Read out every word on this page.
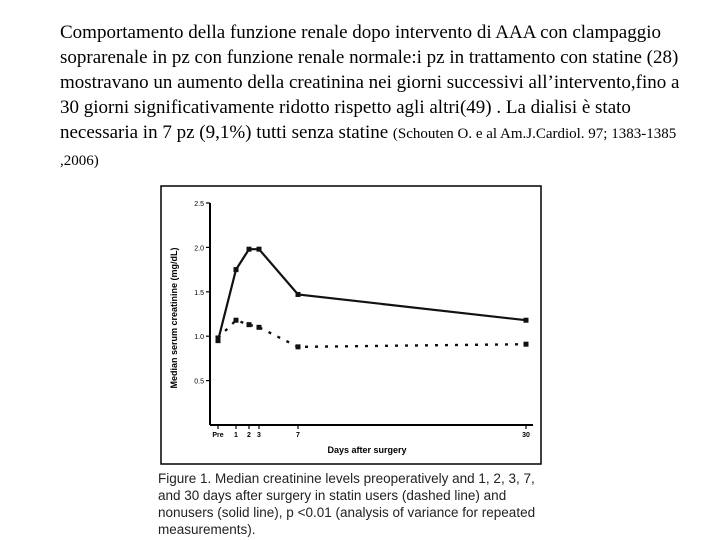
Comportamento della funzione renale dopo intervento di AAA con clampaggio soprarenale in pz con funzione renale normale:i pz in trattamento con statine (28) mostravano un aumento della creatinina nei giorni successivi all’intervento,fino a 30 giorni significativamente ridotto rispetto agli altri(49) . La dialisi è stato necessaria in 7 pz (9,1%) tutti senza statine (Schouten O. e al Am.J.Cardiol. 97; 1383-1385 ,2006)
0.5
1.0
1.5
2.0
2.5
Pre 1 2 3	7	30
Median serum creatinine (mg/dL)
Days after surgery
Figure 1. Median creatinine levels preoperatively and 1, 2, 3, 7, and 30 days after surgery in statin users (dashed line) and nonusers (solid line), p <0.01 (analysis of variance for repeated measurements).
